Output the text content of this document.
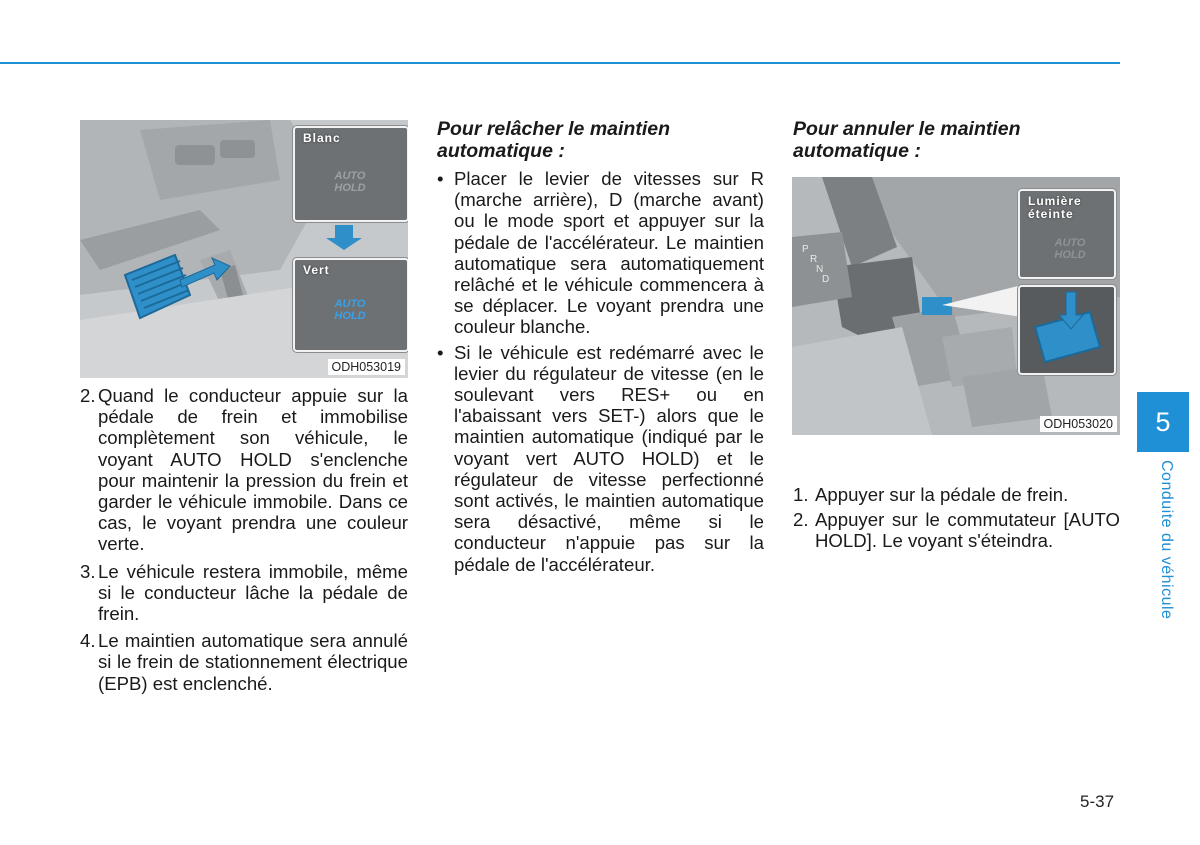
Blanc
AUTO
HOLD
Vert
AUTO
HOLD
ODH053019
P
R
N
D
Lumière
éteinte
AUTO
HOLD
ODH053020
2. Quand le conducteur appuie sur la pédale de frein et immobilise complètement son véhicule, le voyant AUTO HOLD s'enclenche pour maintenir la pression du frein et garder le véhicule immobile. Dans ce cas, le voyant prendra une couleur verte.
3. Le véhicule restera immobile, même si le conducteur lâche la pédale de frein.
4. Le maintien automatique sera annulé si le frein de stationnement électrique (EPB) est enclenché.

Pour relâcher le maintien automatique :

• Placer le levier de vitesses sur R (marche arrière), D (marche avant) ou le mode sport et appuyer sur la pédale de l'accélérateur. Le maintien automatique sera automatiquement relâché et le véhicule commencera à se déplacer. Le voyant prendra une couleur blanche.
• Si le véhicule est redémarré avec le levier du régulateur de vitesse (en le soulevant vers RES+ ou en l'abaissant vers SET-) alors que le maintien automatique (indiqué par le voyant vert AUTO HOLD) et le régulateur de vitesse perfectionné sont activés, le maintien automatique sera désactivé, même si le conducteur n'appuie pas sur la pédale de l'accélérateur.

Pour annuler le maintien automatique :

1. Appuyer sur la pédale de frein.
2. Appuyer sur le commutateur [AUTO HOLD]. Le voyant s'éteindra.
5
Conduite du véhicule
5-37
